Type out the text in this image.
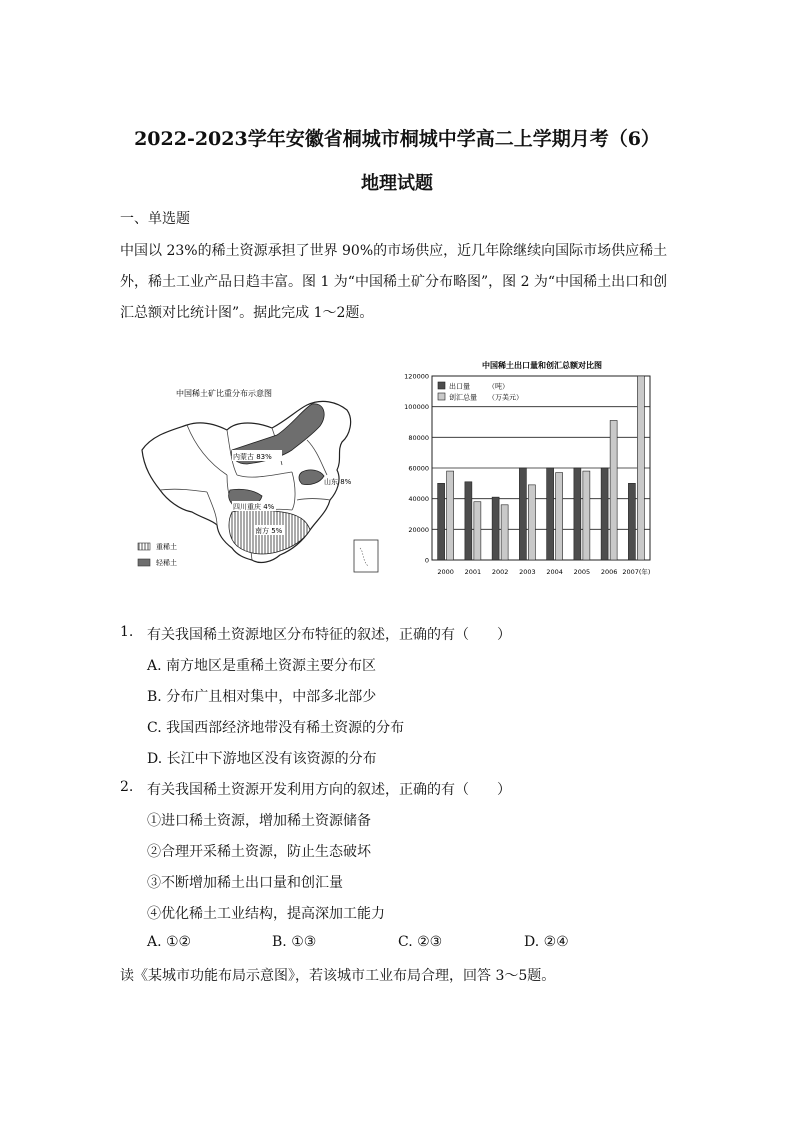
2022-2023学年安徽省桐城市桐城中学高二上学期月考（6）
地理试题
一、单选题
中国以 23%的稀土资源承担了世界 90%的市场供应，近几年除继续向国际市场供应稀土外，稀土工业产品日趋丰富。图 1 为“中国稀土矿分布略图”，图 2 为“中国稀土出口和创汇总额对比统计图”。据此完成 1～2题。
中国稀土矿比重分布示意图
内蒙古 83%
山东 8%
四川重庆 4%
南方 5%
重稀土
轻稀土
中国稀土出口量和创汇总额对比图
0
20000
40000
60000
80000
100000
120000
2000 2001 2002 2003 2004 2005 2006 2007(年)
出口量	（吨）
创汇总量 （万美元）
1. 有关我国稀土资源地区分布特征的叙述，正确的有（　　）
A. 南方地区是重稀土资源主要分布区
B. 分布广且相对集中，中部多北部少
C. 我国西部经济地带没有稀土资源的分布
D. 长江中下游地区没有该资源的分布
2. 有关我国稀土资源开发利用方向的叙述，正确的有（　　）
①进口稀土资源，增加稀土资源储备
②合理开采稀土资源，防止生态破坏
③不断增加稀土出口量和创汇量
④优化稀土工业结构，提高深加工能力
A. ①②	B. ①③	C. ②③	D. ②④
读《某城市功能布局示意图》，若该城市工业布局合理，回答 3～5题。
